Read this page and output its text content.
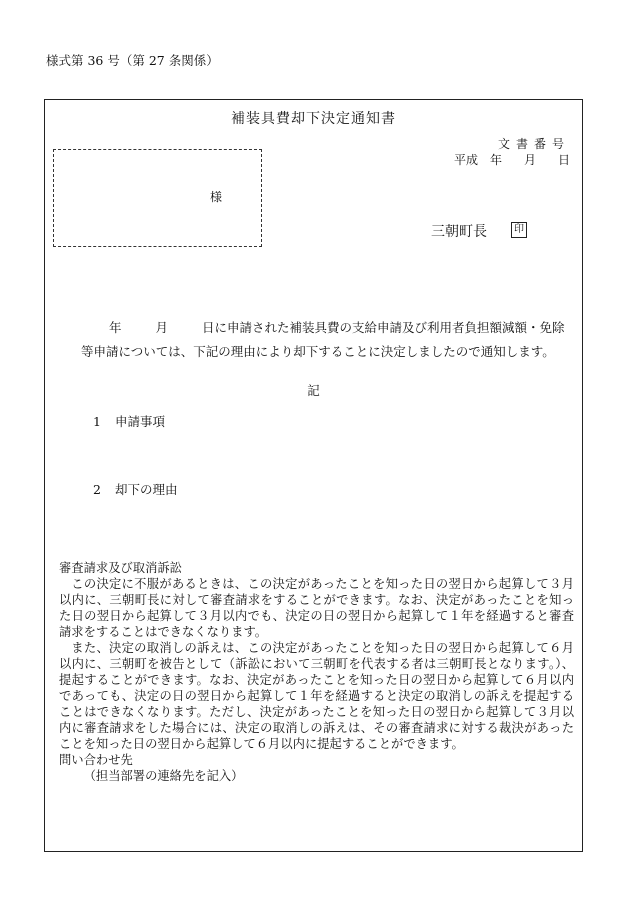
様式第 36 号（第 27 条関係）
補装具費却下決定通知書
文書番号
平成 年 月 日
様
三朝町長	印
年	月	日に申請された補装具費の支給申請及び利用者負担額減額・免除
等申請については、下記の理由により却下することに決定しましたので通知します。
記
1 申請事項
2 却下の理由

審査請求及び取消訴訟

この決定に不服があるときは、この決定があったことを知った日の翌日から起算して３月以内に、三朝町長に対して審査請求をすることができます。なお、決定があったことを知った日の翌日から起算して３月以内でも、決定の日の翌日から起算して１年を経過すると審査請求をすることはできなくなります。

また、決定の取消しの訴えは、この決定があったことを知った日の翌日から起算して６月以内に、三朝町を被告として（訴訟において三朝町を代表する者は三朝町長となります。）、提起することができます。なお、決定があったことを知った日の翌日から起算して６月以内であっても、決定の日の翌日から起算して１年を経過すると決定の取消しの訴えを提起することはできなくなります。ただし、決定があったことを知った日の翌日から起算して３月以内に審査請求をした場合には、決定の取消しの訴えは、その審査請求に対する裁決があったことを知った日の翌日から起算して６月以内に提起することができます。

問い合わせ先

（担当部署の連絡先を記入）
